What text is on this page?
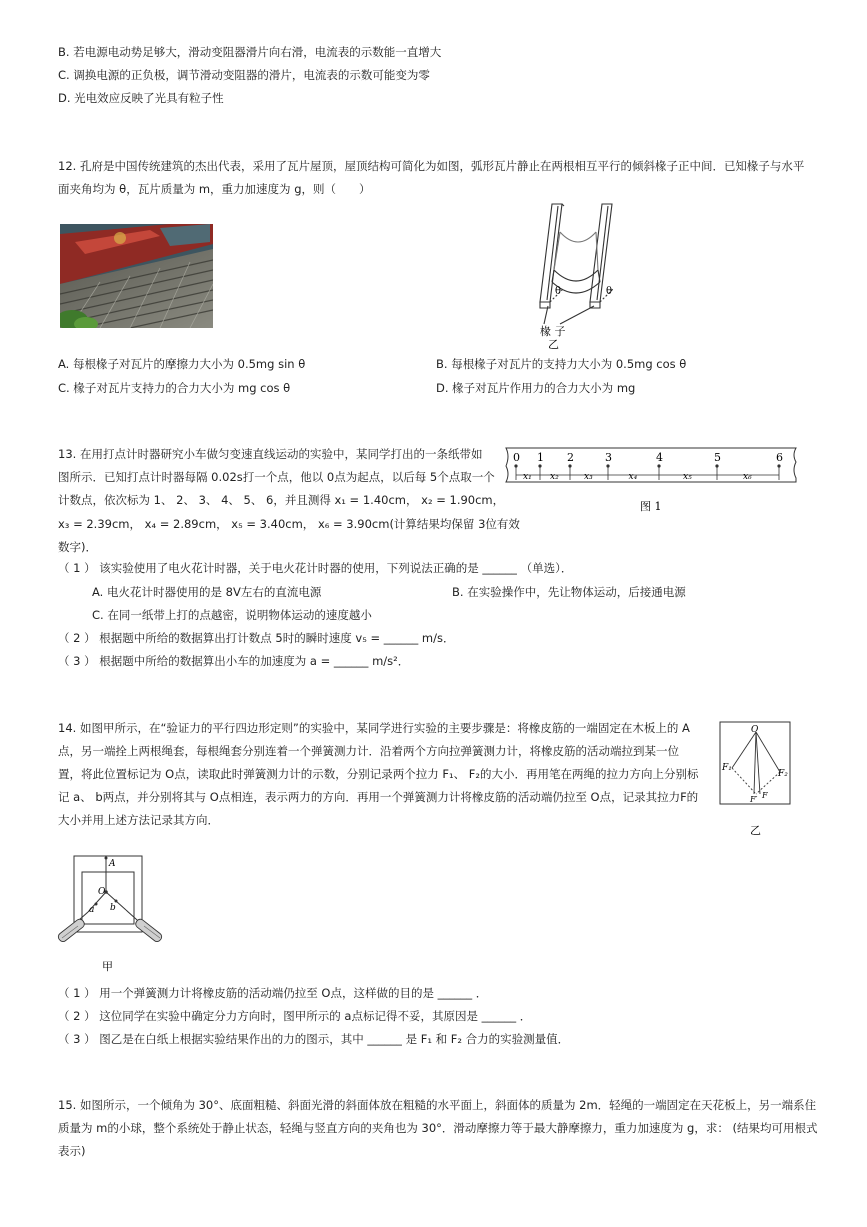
B. 若电源电动势足够大，滑动变阻器滑片向右滑，电流表的示数能一直增大
C. 调换电源的正负极，调节滑动变阻器的滑片，电流表的示数可能变为零
D. 光电效应反映了光具有粒子性
12. 孔府是中国传统建筑的杰出代表，采用了瓦片屋顶，屋顶结构可简化为如图，弧形瓦片静止在两根相互平行的倾斜椽子正中间．已知椽子与水平
面夹角均为 θ，瓦片质量为 m，重力加速度为 g，则（　　）
θ	θ
椽 子
乙
A. 每根椽子对瓦片的摩擦力大小为 0.5mg sin θ	B. 每根椽子对瓦片的支持力大小为 0.5mg cos θ
C. 椽子对瓦片支持力的合力大小为 mg cos θ	D. 椽子对瓦片作用力的合力大小为 mg
13. 在用打点计时器研究小车做匀变速直线运动的实验中，某同学打出的一条纸带如
图所示．已知打点计时器每隔 0.02s打一个点，他以 0点为起点，以后每 5个点取一个
计数点，依次标为 1、 2、 3、 4、 5、 6，并且测得 x₁ = 1.40cm， x₂ = 1.90cm，
x₃ = 2.39cm， x₄ = 2.89cm， x₅ = 3.40cm， x₆ = 3.90cm(计算结果均保留 3位有效
数字)．
0 1 2	3	4	5	6
x₁ x₂	x₃	x₄	x₅	x₆
图 1
（ 1 ） 该实验使用了电火花计时器，关于电火花计时器的使用，下列说法正确的是 ______ （单选）．
A. 电火花计时器使用的是 8V左右的直流电源	B. 在实验操作中，先让物体运动，后接通电源
C. 在同一纸带上打的点越密，说明物体运动的速度越小
（ 2 ） 根据题中所给的数据算出打计数点 5时的瞬时速度 v₅ = ______ m/s．
（ 3 ） 根据题中所给的数据算出小车的加速度为 a = ______ m/s²．
14. 如图甲所示，在“验证力的平行四边形定则”的实验中，某同学进行实验的主要步骤是：将橡皮筋的一端固定在木板上的 A
点，另一端拴上两根绳套，每根绳套分别连着一个弹簧测力计．沿着两个方向拉弹簧测力计，将橡皮筋的活动端拉到某一位
置，将此位置标记为 O点，读取此时弹簧测力计的示数，分别记录两个拉力 F₁、 F₂的大小．再用笔在两绳的拉力方向上分别标
记 a、 b两点，并分别将其与 O点相连，表示两力的方向．再用一个弹簧测力计将橡皮筋的活动端仍拉至 O点，记录其拉力F的
大小并用上述方法记录其方向．
O
F₁
F₂
F′ F
乙
A
O
a b
甲
（ 1 ） 用一个弹簧测力计将橡皮筋的活动端仍拉至 O点，这样做的目的是 ______ ．
（ 2 ） 这位同学在实验中确定分力方向时，图甲所示的 a点标记得不妥，其原因是 ______ ．
（ 3 ） 图乙是在白纸上根据实验结果作出的力的图示，其中 ______ 是 F₁ 和 F₂ 合力的实验测量值．
15. 如图所示，一个倾角为 30°、底面粗糙、斜面光滑的斜面体放在粗糙的水平面上，斜面体的质量为 2m．轻绳的一端固定在天花板上，另一端系住
质量为 m的小球，整个系统处于静止状态，轻绳与竖直方向的夹角也为 30°．滑动摩擦力等于最大静摩擦力，重力加速度为 g，求： (结果均可用根式
表示)
